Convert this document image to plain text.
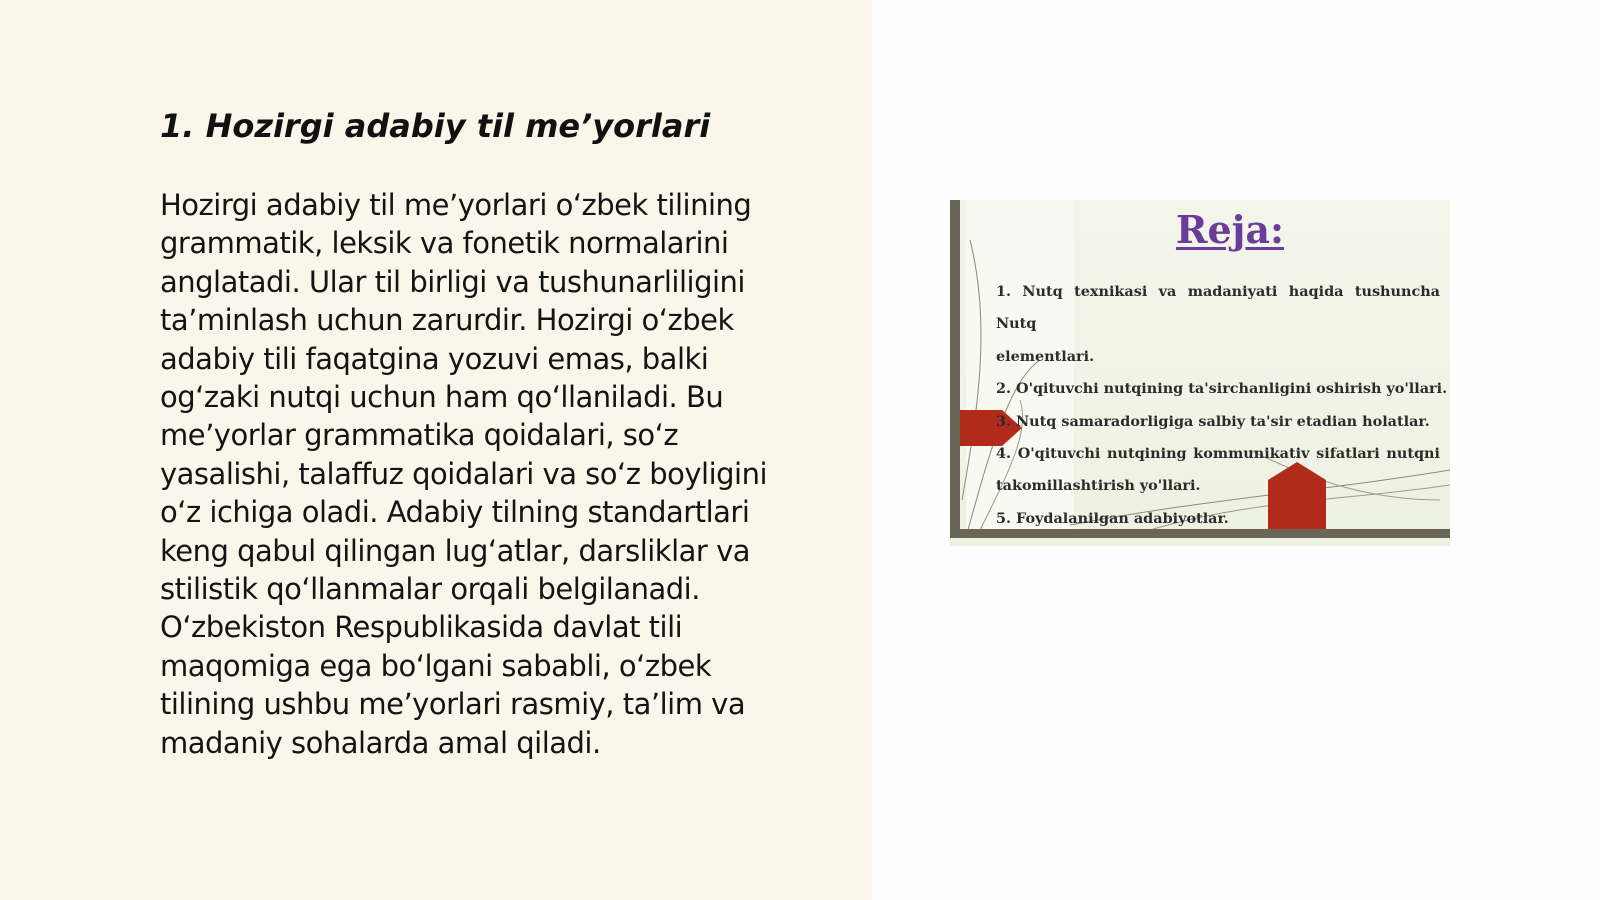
1. Hozirgi adabiy til me’yorlari

Hozirgi adabiy til me’yorlari o‘zbek tilining
grammatik, leksik va fonetik normalarini
anglatadi. Ular til birligi va tushunarliligini
ta’minlash uchun zarurdir. Hozirgi o‘zbek
adabiy tili faqatgina yozuvi emas, balki
og‘zaki nutqi uchun ham qo‘llaniladi. Bu
me’yorlar grammatika qoidalari, so‘z
yasalishi, talaffuz qoidalari va so‘z boyligini
o‘z ichiga oladi. Adabiy tilning standartlari
keng qabul qilingan lug‘atlar, darsliklar va
stilistik qo‘llanmalar orqali belgilanadi.
O‘zbekiston Respublikasida davlat tili
maqomiga ega bo‘lgani sababli, o‘zbek
tilining ushbu me’yorlari rasmiy, ta’lim va
madaniy sohalarda amal qiladi.

Reja:
1. Nutq texnikasi va madaniyati haqida tushuncha Nutq
elementlari.
2. O'qituvchi nutqining ta'sirchanligini oshirish yo'llari.
3. Nutq samaradorligiga salbiy ta'sir etadian holatlar.
4. O'qituvchi nutqining kommunikativ sifatlari nutqni
takomillashtirish yo'llari.
5. Foydalanilgan adabiyotlar.
